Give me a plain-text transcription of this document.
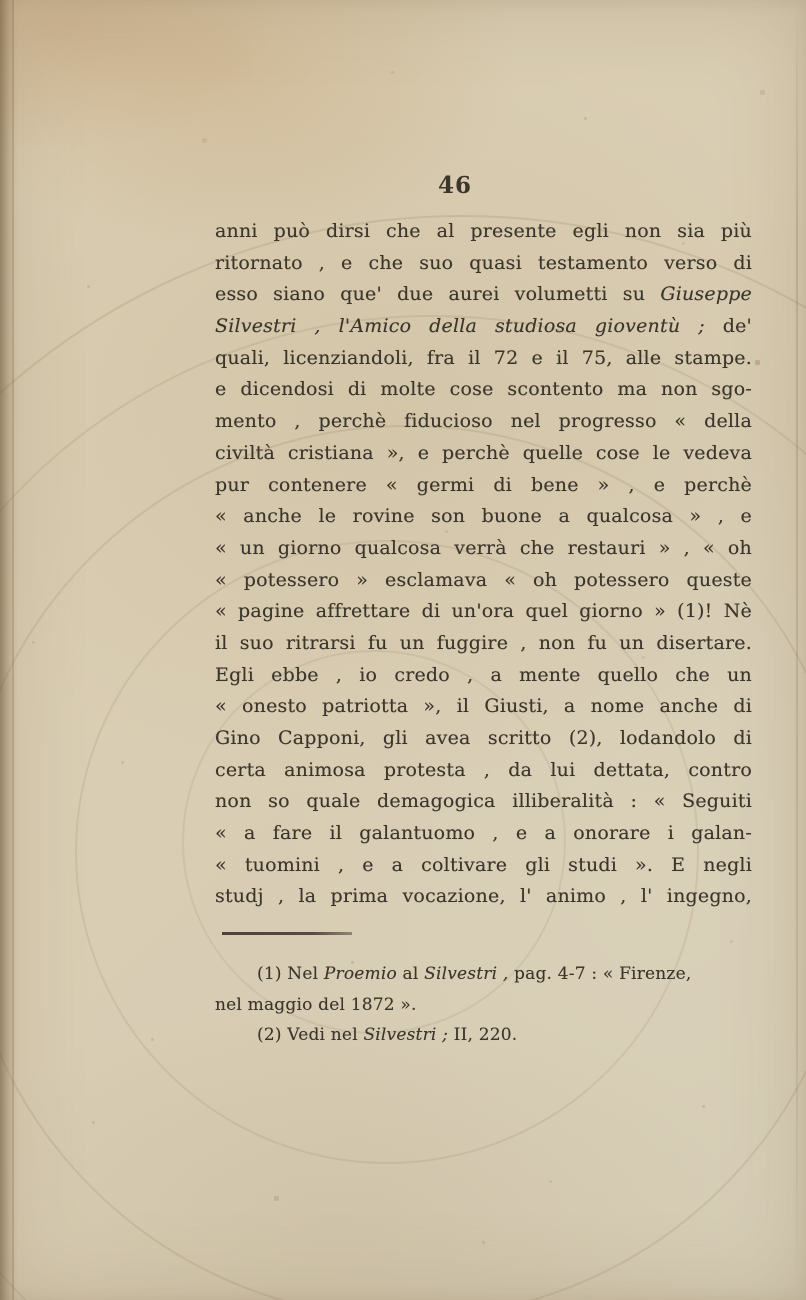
46
anni può dirsi che al presente egli non sia più
ritornato , e che suo quasi testamento verso di
esso siano que' due aurei volumetti su Giuseppe
Silvestri , l'Amico della studiosa gioventù ; de'
quali, licenziandoli, fra il 72 e il 75, alle stampe.
e dicendosi di molte cose scontento ma non sgo-
mento , perchè fiducioso nel progresso « della
civiltà cristiana », e perchè quelle cose le vedeva
pur contenere « germi di bene » , e perchè
« anche le rovine son buone a qualcosa » , e
« un giorno qualcosa verrà che restauri » , « oh
« potessero » esclamava « oh potessero queste
« pagine affrettare di un'ora quel giorno » (1)! Nè
il suo ritrarsi fu un fuggire , non fu un disertare.
Egli ebbe , io credo , a mente quello che un
« onesto patriotta », il Giusti, a nome anche di
Gino Capponi, gli avea scritto (2), lodandolo di
certa animosa protesta , da lui dettata, contro
non so quale demagogica illiberalità : « Seguiti
« a fare il galantuomo , e a onorare i galan-
« tuomini , e a coltivare gli studi ». E negli
studj , la prima vocazione, l' animo , l' ingegno,
(1) Nel Proemio al Silvestri , pag. 4-7 : « Firenze,
nel maggio del 1872 ».
(2) Vedi nel Silvestri ; II, 220.
